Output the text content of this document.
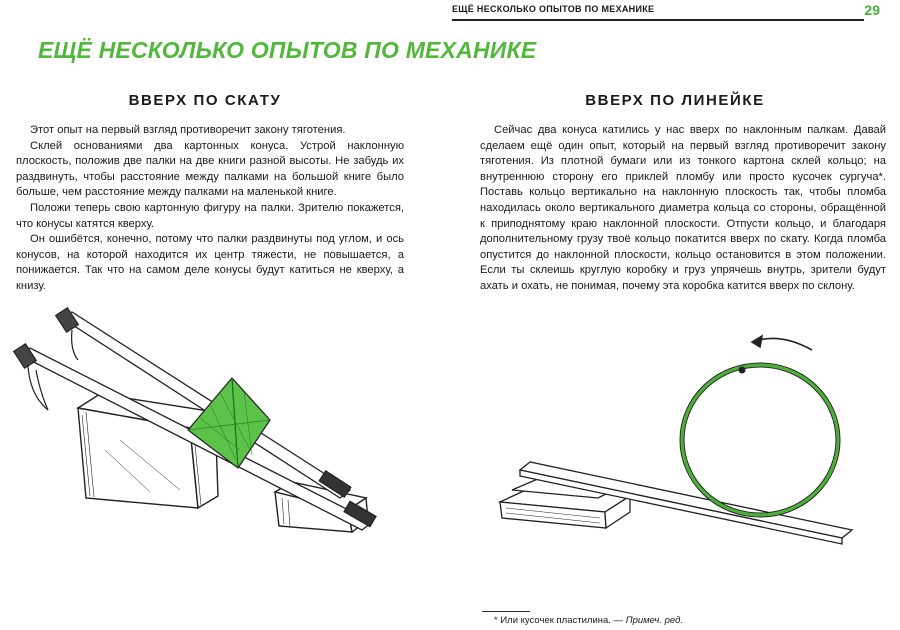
ЕЩЁ НЕСКОЛЬКО ОПЫТОВ ПО МЕХАНИКЕ	29
ЕЩЁ НЕСКОЛЬКО ОПЫТОВ ПО МЕХАНИКЕ
ВВЕРХ ПО СКАТУ

Этот опыт на первый взгляд противоречит закону тяготения.

Склей основаниями два картонных конуса. Устрой наклонную плоскость, положив две палки на две книги разной высоты. Не забудь их раздвинуть, чтобы расстояние между палками на большой книге было больше, чем расстояние между палками на маленькой книге.

Положи теперь свою картонную фигуру на палки. Зрителю покажется, что конусы катятся кверху.

Он ошибётся, конечно, потому что палки раздвинуты под углом, и ось конусов, на которой находится их центр тяжести, не повышается, а понижается. Так что на самом деле конусы будут катиться не кверху, а книзу.

ВВЕРХ ПО ЛИНЕЙКЕ

Сейчас два конуса катились у нас вверх по наклонным палкам. Давай сделаем ещё один опыт, который на первый взгляд противоречит закону тяготения. Из плотной бумаги или из тонкого картона склей кольцо; на внутреннюю сторону его приклей пломбу или просто кусочек сургуча*. Поставь кольцо вертикально на наклонную плоскость так, чтобы пломба находилась около вертикального диаметра кольца со стороны, обращённой к приподнятому краю наклонной плоскости. Отпусти кольцо, и благодаря дополнительному грузу твоё кольцо покатится вверх по скату. Когда пломба опустится до наклонной плоскости, кольцо остановится в этом положении. Если ты склеишь круглую коробку и груз упрячешь внутрь, зрители будут ахать и охать, не понимая, почему эта коробка катится вверх по склону.

* Или кусочек пластилина. — Примеч. ред.
